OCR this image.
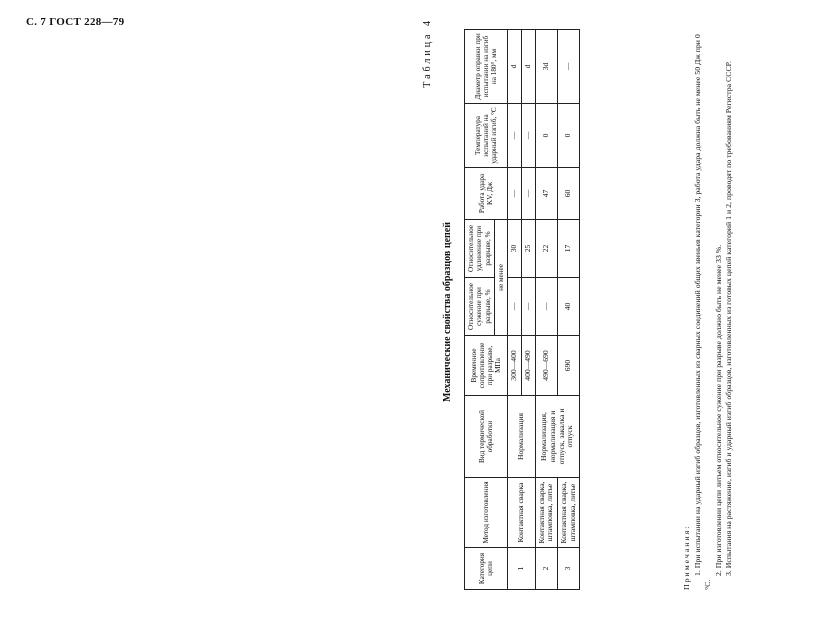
С. 7 ГОСТ 228—79	Таблица 4
Механические свойства образцов цепей
Категория цепи	Метод изготовления	Вид термической обработки	Временное сопротивление при разрыве, МПа	Относительное сужение при разрыве, %	Относительное удлинение при разрыве, %	Работа удара KV, Дж	Температура испытаний на ударный изгиб, °С	Диаметр оправки при испытании на изгиб на 180°, мм
				не менее				
1	Контактная сварка	Нормализация	300—400	—	30	—	—	d
			400—490	—	25	—	—	d
2	Контактная сварка, штамповка, литье	Нормализация, нормализация и отпуск, закалка и отпуск	490—690	—	22	47	0	3d
3	Контактная сварка, штамповка, литье		690	40	17	60	0	—
Примечания: 1. При испытании на ударный изгиб образцов, изготовленных из сварных соединений общих звеньев категории 3, работа удара должна быть не менее 50 Дж при 0 °С.

2. При изготовлении цепи литьем относительное сужение при разрыве должно быть не менее 33 %. 3. Испытания на растяжение, изгиб и ударный изгиб образцов, изготовленных из готовых цепей категорий 1 и 2, проводят по требованиям Регистра СССР.
